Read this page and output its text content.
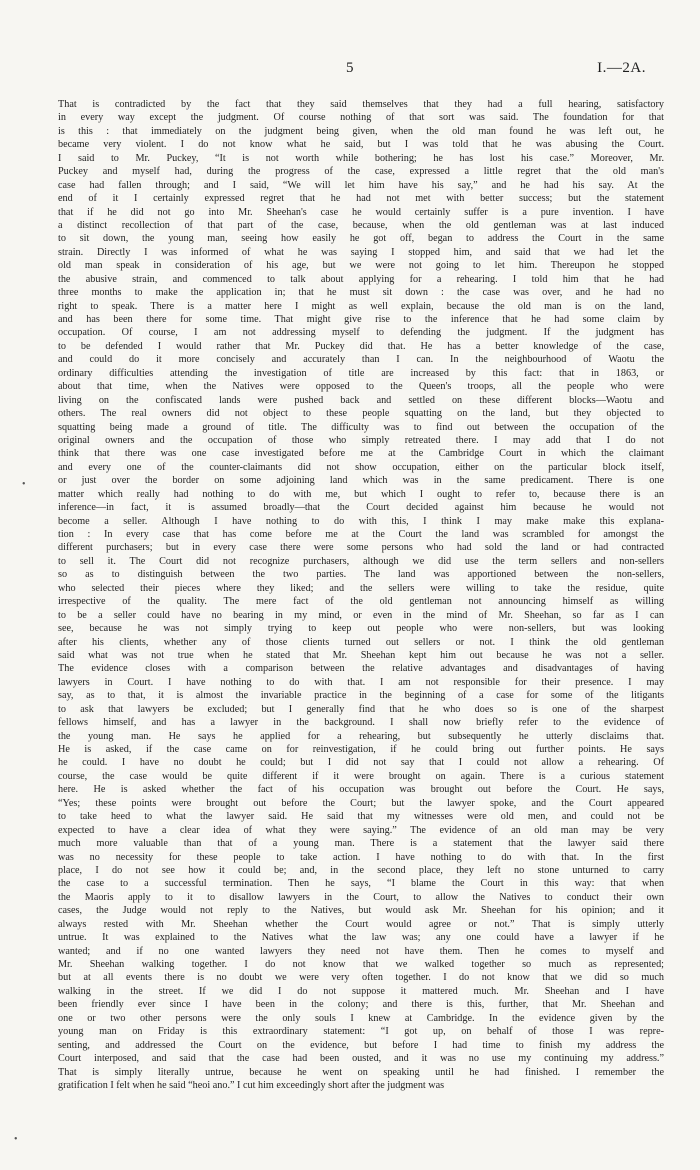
5	I.—2A.
That is contradicted by the fact that they said themselves that they had a full hearing, satisfactory
in every way except the judgment. Of course nothing of that sort was said. The foundation for that
is this : that immediately on the judgment being given, when the old man found he was left out, he
became very violent. I do not know what he said, but I was told that he was abusing the Court.
I said to Mr. Puckey, “It is not worth while bothering; he has lost his case.” Moreover, Mr.
Puckey and myself had, during the progress of the case, expressed a little regret that the old man's
case had fallen through; and I said, “We will let him have his say,” and he had his say. At the
end of it I certainly expressed regret that he had not met with better success; but the statement
that if he did not go into Mr. Sheehan's case he would certainly suffer is a pure invention. I have
a distinct recollection of that part of the case, because, when the old gentleman was at last induced
to sit down, the young man, seeing how easily he got off, began to address the Court in the same
strain. Directly I was informed of what he was saying I stopped him, and said that we had let the
old man speak in consideration of his age, but we were not going to let him. Thereupon he stopped
the abusive strain, and commenced to talk about applying for a rehearing. I told him that he had
three months to make the application in; that he must sit down : the case was over, and he had no
right to speak. There is a matter here I might as well explain, because the old man is on the land,
and has been there for some time. That might give rise to the inference that he had some claim by
occupation. Of course, I am not addressing myself to defending the judgment. If the judgment has
to be defended I would rather that Mr. Puckey did that. He has a better knowledge of the case,
and could do it more concisely and accurately than I can. In the neighbourhood of Waotu the
ordinary difficulties attending the investigation of title are increased by this fact: that in 1863, or
about that time, when the Natives were opposed to the Queen's troops, all the people who were
living on the confiscated lands were pushed back and settled on these different blocks—Waotu and
others. The real owners did not object to these people squatting on the land, but they objected to
squatting being made a ground of title. The difficulty was to find out between the occupation of the
original owners and the occupation of those who simply retreated there. I may add that I do not
think that there was one case investigated before me at the Cambridge Court in which the claimant
and every one of the counter-claimants did not show occupation, either on the particular block itself,
or just over the border on some adjoining land which was in the same predicament. There is one
matter which really had nothing to do with me, but which I ought to refer to, because there is an
inference—in fact, it is assumed broadly—that the Court decided against him because he would not
become a seller. Although I have nothing to do with this, I think I may make make this explana-
tion : In every case that has come before me at the Court the land was scrambled for amongst the
different purchasers; but in every case there were some persons who had sold the land or had contracted
to sell it. The Court did not recognize purchasers, although we did use the term sellers and non-sellers
so as to distinguish between the two parties. The land was apportioned between the non-sellers,
who selected their pieces where they liked; and the sellers were willing to take the residue, quite
irrespective of the quality. The mere fact of the old gentleman not announcing himself as willing
to be a seller could have no bearing in my mind, or even in the mind of Mr. Sheehan, so far as I can
see, because he was not simply trying to keep out people who were non-sellers, but was looking
after his clients, whether any of those clients turned out sellers or not. I think the old gentleman
said what was not true when he stated that Mr. Sheehan kept him out because he was not a seller.
The evidence closes with a comparison between the relative advantages and disadvantages of having
lawyers in Court. I have nothing to do with that. I am not responsible for their presence. I may
say, as to that, it is almost the invariable practice in the beginning of a case for some of the litigants
to ask that lawyers be excluded; but I generally find that he who does so is one of the sharpest
fellows himself, and has a lawyer in the background. I shall now briefly refer to the evidence of
the young man. He says he applied for a rehearing, but subsequently he utterly disclaims that.
He is asked, if the case came on for reinvestigation, if he could bring out further points. He says
he could. I have no doubt he could; but I did not say that I could not allow a rehearing. Of
course, the case would be quite different if it were brought on again. There is a curious statement
here. He is asked whether the fact of his occupation was brought out before the Court. He says,
“Yes; these points were brought out before the Court; but the lawyer spoke, and the Court appeared
to take heed to what the lawyer said. He said that my witnesses were old men, and could not be
expected to have a clear idea of what they were saying.” The evidence of an old man may be very
much more valuable than that of a young man. There is a statement that the lawyer said there
was no necessity for these people to take action. I have nothing to do with that. In the first
place, I do not see how it could be; and, in the second place, they left no stone unturned to carry
the case to a successful termination. Then he says, “I blame the Court in this way: that when
the Maoris apply to it to disallow lawyers in the Court, to allow the Natives to conduct their own
cases, the Judge would not reply to the Natives, but would ask Mr. Sheehan for his opinion; and it
always rested with Mr. Sheehan whether the Court would agree or not.” That is simply utterly
untrue. It was explained to the Natives what the law was; any one could have a lawyer if he
wanted; and if no one wanted lawyers they need not have them. Then he comes to myself and
Mr. Sheehan walking together. I do not know that we walked together so much as represented;
but at all events there is no doubt we were very often together. I do not know that we did so much
walking in the street. If we did I do not suppose it mattered much. Mr. Sheehan and I have
been friendly ever since I have been in the colony; and there is this, further, that Mr. Sheehan and
one or two other persons were the only souls I knew at Cambridge. In the evidence given by the
young man on Friday is this extraordinary statement: “I got up, on behalf of those I was repre-
senting, and addressed the Court on the evidence, but before I had time to finish my address the
Court interposed, and said that the case had been ousted, and it was no use my continuing my address.”
That is simply literally untrue, because he went on speaking until he had finished. I remember the
gratification I felt when he said “heoi ano.” I cut him exceedingly short after the judgment was
•
•
